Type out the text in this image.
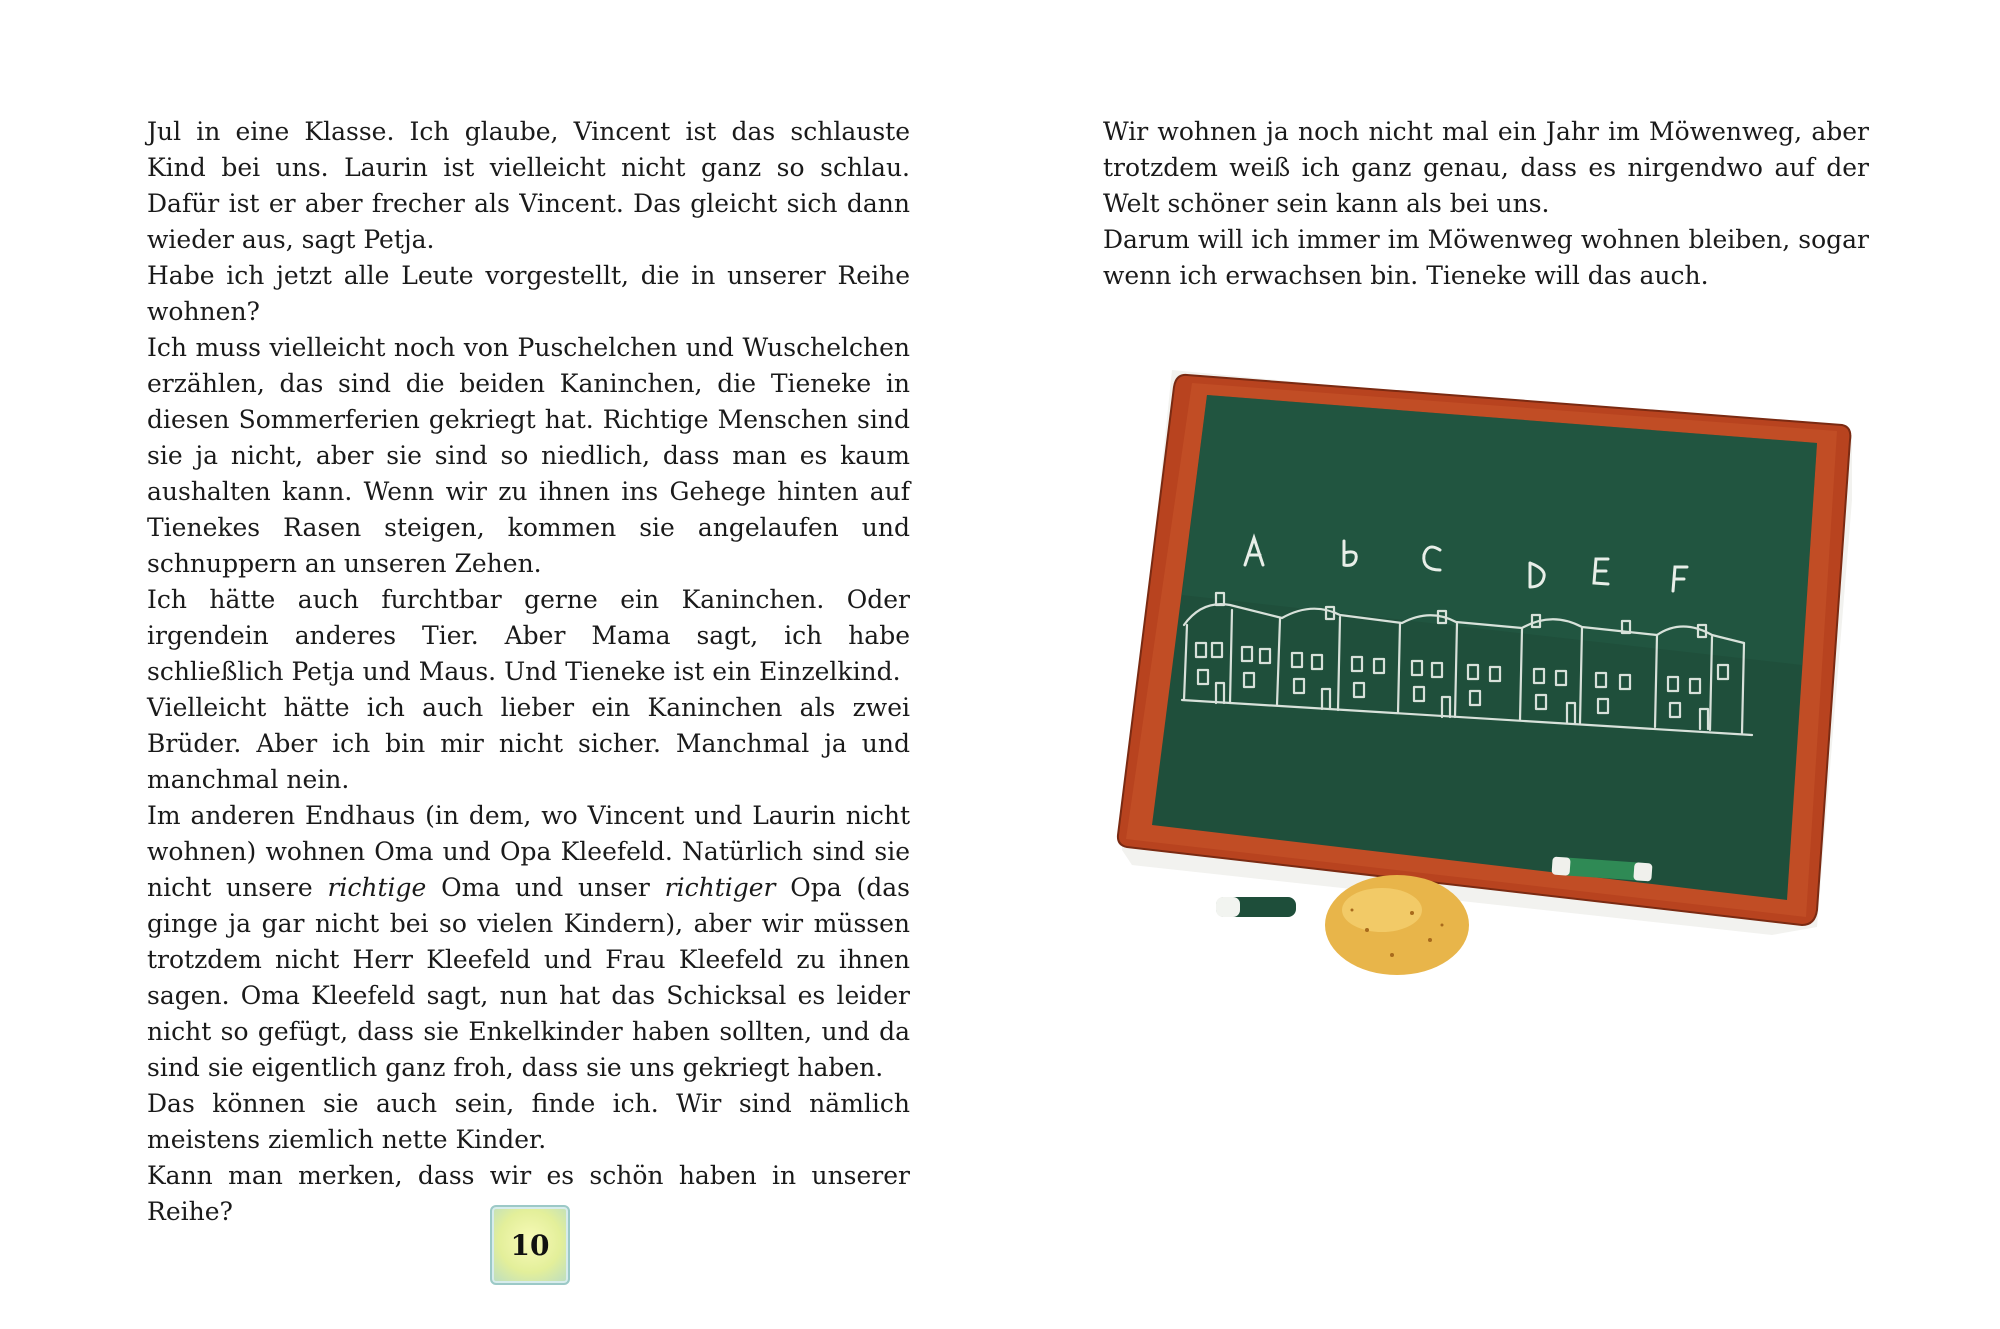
Jul in eine Klasse. Ich glaube, Vincent ist das schlauste Kind bei uns. Laurin ist vielleicht nicht ganz so schlau. Dafür ist er aber frecher als Vincent. Das gleicht sich dann wieder aus, sagt Petja.

Habe ich jetzt alle Leute vorgestellt, die in unserer Reihe wohnen?

Ich muss vielleicht noch von Puschelchen und Wuschelchen erzählen, das sind die beiden Kaninchen, die Tieneke in diesen Sommerferien gekriegt hat. Richtige Menschen sind sie ja nicht, aber sie sind so niedlich, dass man es kaum aushalten kann. Wenn wir zu ihnen ins Gehege hinten auf Tienekes Rasen steigen, kommen sie angelaufen und schnuppern an unseren Zehen.

Ich hätte auch furchtbar gerne ein Kaninchen. Oder irgendein anderes Tier. Aber Mama sagt, ich habe schließlich Petja und Maus. Und Tieneke ist ein Einzelkind.

Vielleicht hätte ich auch lieber ein Kaninchen als zwei Brüder. Aber ich bin mir nicht sicher. Manchmal ja und manchmal nein.

Im anderen Endhaus (in dem, wo Vincent und Laurin nicht wohnen) wohnen Oma und Opa Kleefeld. Natürlich sind sie nicht unsere richtige Oma und unser richtiger Opa (das ginge ja gar nicht bei so vielen Kindern), aber wir müssen trotzdem nicht Herr Kleefeld und Frau Kleefeld zu ihnen sagen. Oma Kleefeld sagt, nun hat das Schicksal es leider nicht so gefügt, dass sie Enkelkinder haben sollten, und da sind sie eigentlich ganz froh, dass sie uns gekriegt haben.

Das können sie auch sein, finde ich. Wir sind nämlich meistens ziemlich nette Kinder.

Kann man merken, dass wir es schön haben in unserer Reihe?

10

Wir wohnen ja noch nicht mal ein Jahr im Möwenweg, aber trotzdem weiß ich ganz genau, dass es nirgendwo auf der Welt schöner sein kann als bei uns.

Darum will ich immer im Möwenweg wohnen bleiben, sogar wenn ich erwachsen bin. Tieneke will das auch.
